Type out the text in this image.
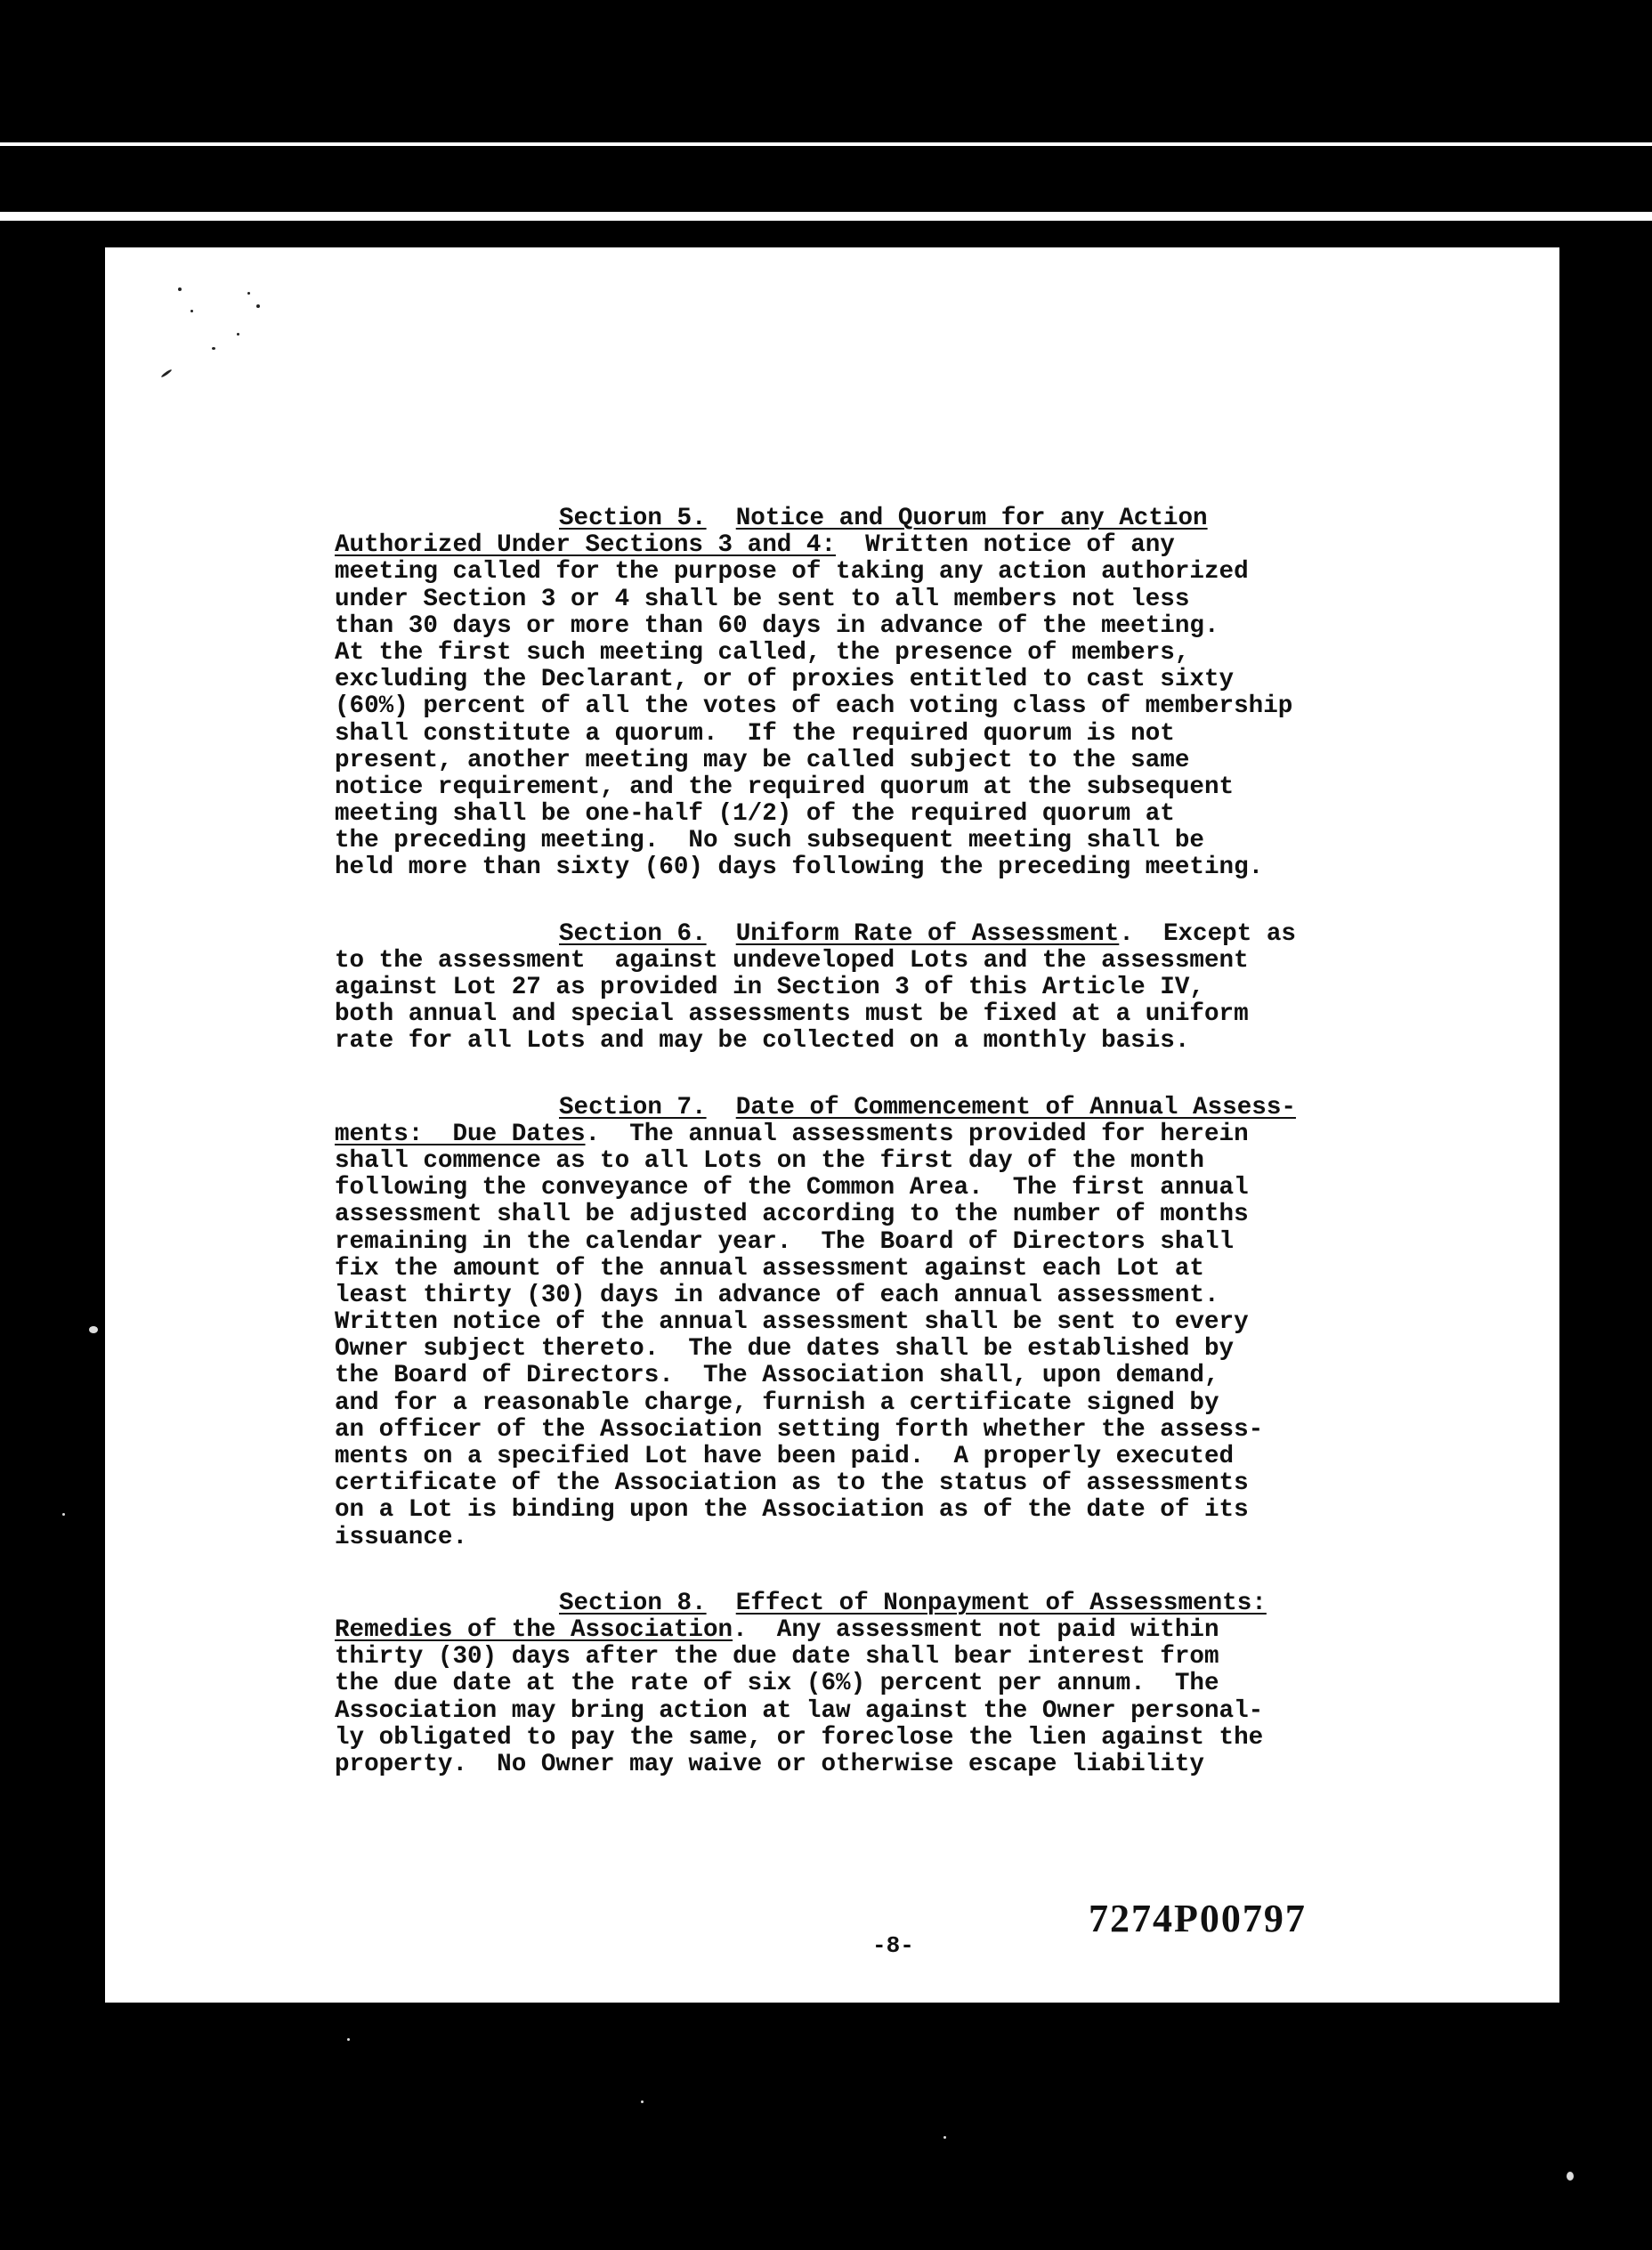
Section 5. Notice and Quorum for any Action
Authorized Under Sections 3 and 4:  Written notice of any
meeting called for the purpose of taking any action authorized
under Section 3 or 4 shall be sent to all members not less
than 30 days or more than 60 days in advance of the meeting.
At the first such meeting called, the presence of members,
excluding the Declarant, or of proxies entitled to cast sixty
(60%) percent of all the votes of each voting class of membership
shall constitute a quorum.  If the required quorum is not
present, another meeting may be called subject to the same
notice requirement, and the required quorum at the subsequent
meeting shall be one-half (1/2) of the required quorum at
the preceding meeting.  No such subsequent meeting shall be
held more than sixty (60) days following the preceding meeting.
Section 6. Uniform Rate of Assessment.  Except as
to the assessment  against undeveloped Lots and the assessment
against Lot 27 as provided in Section 3 of this Article IV,
both annual and special assessments must be fixed at a uniform
rate for all Lots and may be collected on a monthly basis.
Section 7. Date of Commencement of Annual Assess-
ments:  Due Dates.  The annual assessments provided for herein
shall commence as to all Lots on the first day of the month
following the conveyance of the Common Area.  The first annual
assessment shall be adjusted according to the number of months
remaining in the calendar year.  The Board of Directors shall
fix the amount of the annual assessment against each Lot at
least thirty (30) days in advance of each annual assessment.
Written notice of the annual assessment shall be sent to every
Owner subject thereto.  The due dates shall be established by
the Board of Directors.  The Association shall, upon demand,
and for a reasonable charge, furnish a certificate signed by
an officer of the Association setting forth whether the assess-
ments on a specified Lot have been paid.  A properly executed
certificate of the Association as to the status of assessments
on a Lot is binding upon the Association as of the date of its
issuance.
Section 8. Effect of Nonpayment of Assessments:
Remedies of the Association.  Any assessment not paid within
thirty (30) days after the due date shall bear interest from
the due date at the rate of six (6%) percent per annum.  The
Association may bring action at law against the Owner personal-
ly obligated to pay the same, or foreclose the lien against the
property.  No Owner may waive or otherwise escape liability
-8-
7274P00797
